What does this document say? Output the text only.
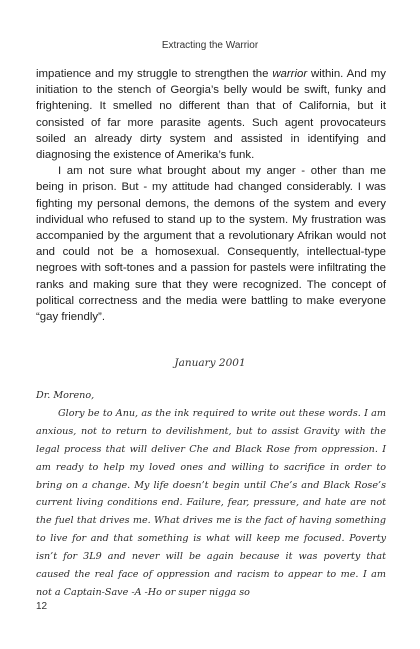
Extracting the Warrior

impatience and my struggle to strengthen the warrior within. And my initiation to the stench of Georgia’s belly would be swift, funky and frightening. It smelled no different than that of California, but it consisted of far more parasite agents. Such agent provocateurs soiled an already dirty system and assisted in identifying and diagnosing the existence of Amerika’s funk.

I am not sure what brought about my anger - other than me being in prison. But - my attitude had changed considerably. I was fighting my personal demons, the demons of the system and every individual who refused to stand up to the system. My frustration was accompanied by the argument that a revolutionary Afrikan would not and could not be a homosexual. Consequently, intellectual-type negroes with soft-tones and a passion for pastels were infiltrating the ranks and making sure that they were recognized. The concept of political correctness and the media were battling to make everyone “gay friendly”.

January 2001

Dr. Moreno,

Glory be to Anu, as the ink required to write out these words. I am anxious, not to return to devilishment, but to assist Gravity with the legal process that will deliver Che and Black Rose from oppression. I am ready to help my loved ones and willing to sacrifice in order to bring on a change. My life doesn’t begin until Che’s and Black Rose’s current living conditions end. Failure, fear, pressure, and hate are not the fuel that drives me. What drives me is the fact of having something to live for and that something is what will keep me focused. Poverty isn’t for 3L9 and never will be again because it was poverty that caused the real face of oppression and racism to appear to me. I am not a Captain-Save -A -Ho or super nigga so

12
